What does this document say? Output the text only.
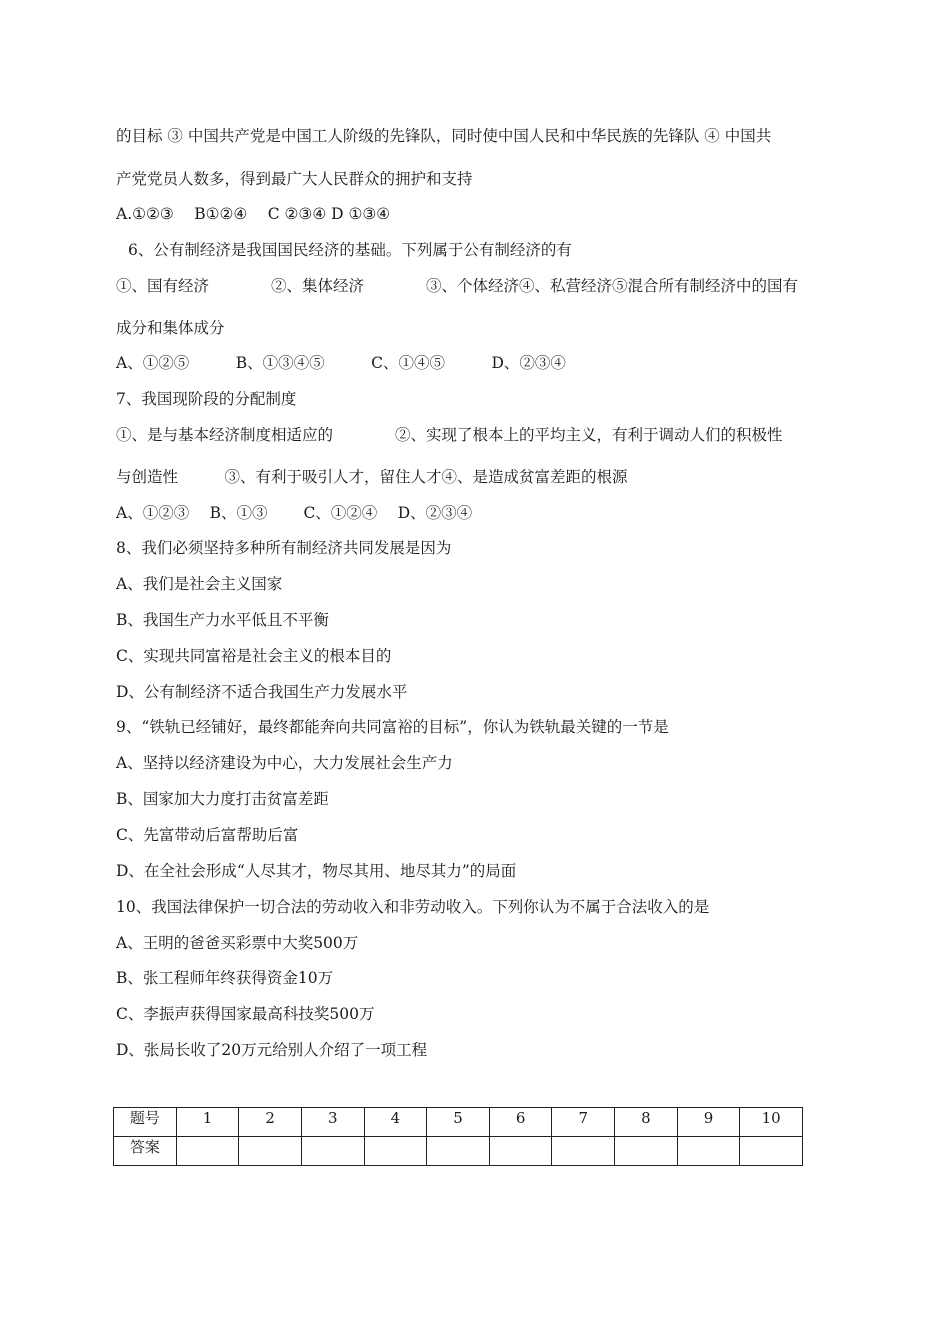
的目标 ③ 中国共产党是中国工人阶级的先锋队，同时使中国人民和中华民族的先锋队 ④ 中国共
产党党员人数多，得到最广大人民群众的拥护和支持
A.①②③　 B①②④　 C ②③④ D ①③④
6、公有制经济是我国国民经济的基础。下列属于公有制经济的有
①、国有经济　　　　②、集体经济　　　　③、个体经济④、私营经济⑤混合所有制经济中的国有
成分和集体成分
A、①②⑤　　　B、①③④⑤　　　C、①④⑤　　　D、②③④
7、我国现阶段的分配制度
①、是与基本经济制度相适应的　　　　②、实现了根本上的平均主义，有利于调动人们的积极性
与创造性　　　③、有利于吸引人才，留住人才④、是造成贫富差距的根源
A、①②③　 B、①③　　 C、①②④　 D、②③④
8、我们必须坚持多种所有制经济共同发展是因为
A、我们是社会主义国家
B、我国生产力水平低且不平衡
C、实现共同富裕是社会主义的根本目的
D、公有制经济不适合我国生产力发展水平
9、“铁轨已经铺好，最终都能奔向共同富裕的目标”，你认为铁轨最关键的一节是
A、坚持以经济建设为中心，大力发展社会生产力
B、国家加大力度打击贫富差距
C、先富带动后富帮助后富
D、在全社会形成“人尽其才，物尽其用、地尽其力”的局面
10、我国法律保护一切合法的劳动收入和非劳动收入。下列你认为不属于合法收入的是
A、王明的爸爸买彩票中大奖500万
B、张工程师年终获得资金10万
C、李振声获得国家最高科技奖500万
D、张局长收了20万元给别人介绍了一项工程
题号	1	2	3	4	5	6	7	8	9	10
答案										
